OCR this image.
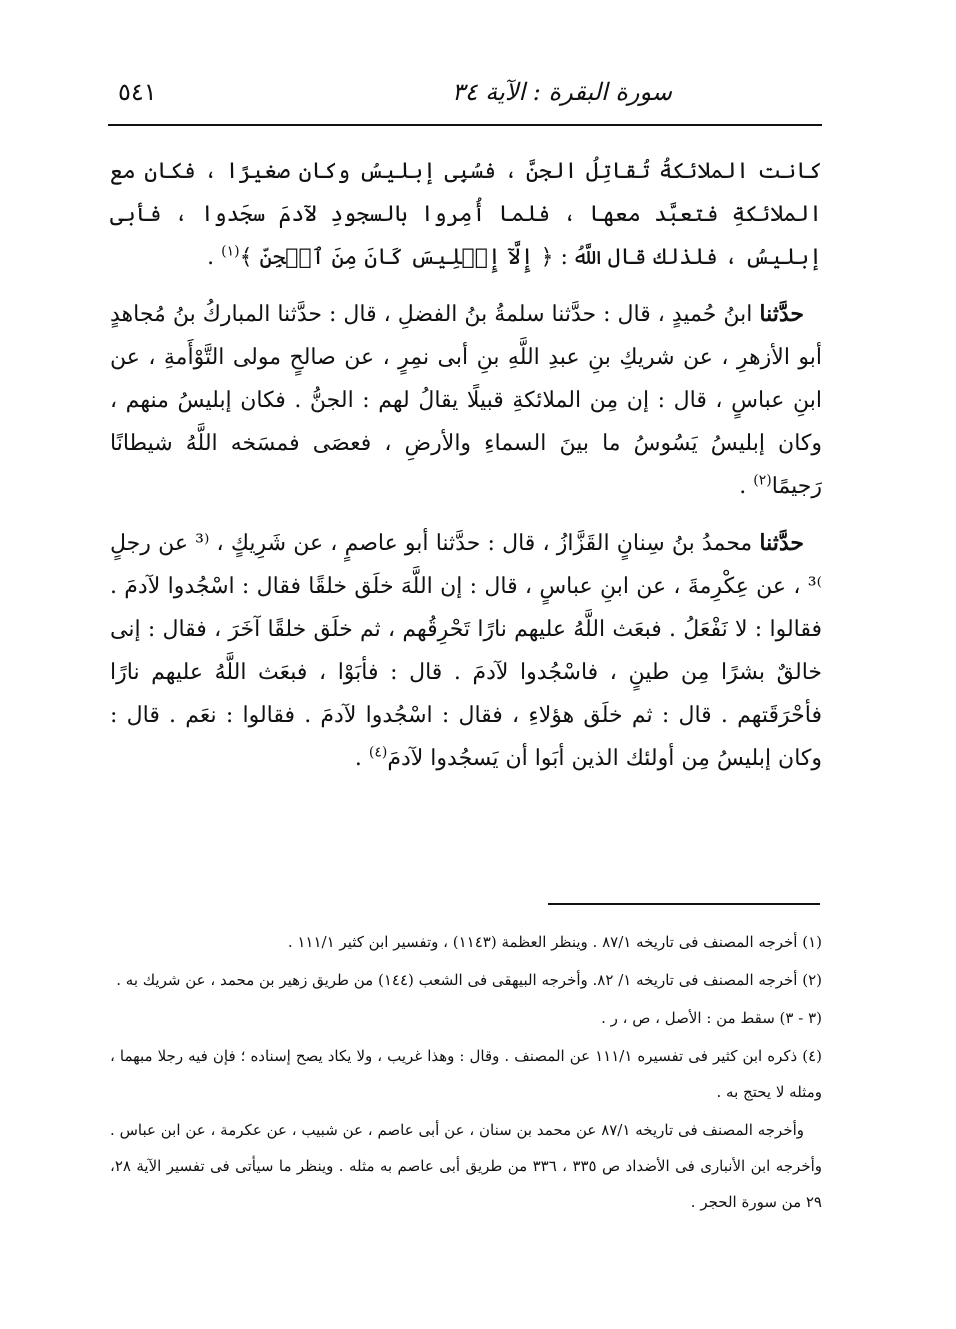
سورة البقرة : الآية ٣٤
٥٤١

كانت الملائكةُ تُقاتِلُ الجنَّ ، فسُبِى إبليسُ وكان صغيرًا ، فكان مع الملائكةِ فتعبَّد معها ، فلما أُمِروا بالسجودِ لآدمَ سجَدوا ، فأبى إبليسُ ، فلذلك قال اللَّهُ : ﴿ إِلَّآ إِبۡلِيسَ كَانَ مِنَ ٱلۡجِنِّ ﴾$^{(١)}$ .

حدَّثنا ابنُ حُميدٍ ، قال : حدَّثنا سلمةُ بنُ الفضلِ ، قال : حدَّثنا المباركُ بنُ مُجاهدٍ أبو الأزهرِ ، عن شريكِ بنِ عبدِ اللَّهِ بنِ أبى نمِرٍ ، عن صالحٍ مولى التَّوْأَمةِ ، عن ابنِ عباسٍ ، قال : إن مِن الملائكةِ قبيلًا يقالُ لهم : الجنُّ . فكان إبليسُ منهم ، وكان إبليسُ يَسُوسُ ما بينَ السماءِ والأرضِ ، فعصَى فمسَخه اللَّهُ شيطانًا رَجيمًا$^{(٢)}$ .

حدَّثنا محمدُ بنُ سِنانٍ القَزَّازُ ، قال : حدَّثنا أبو عاصمٍ ، عن شَرِيكٍ ، ⁽³ عن رجلٍ ⁾³ ، عن عِكْرِمةَ ، عن ابنِ عباسٍ ، قال : إن اللَّهَ خلَق خلقًا فقال : اسْجُدوا لآدمَ . فقالوا : لا نَفْعَلُ . فبعَث اللَّهُ عليهم نارًا تَحْرِقُهم ، ثم خلَق خلقًا آخَرَ ، فقال : إنى خالقٌ بشرًا مِن طينٍ ، فاسْجُدوا لآدمَ . قال : فأبَوْا ، فبعَث اللَّهُ عليهم نارًا فأحْرَقَتهم . قال : ثم خلَق هؤلاءِ ، فقال : اسْجُدوا لآدمَ . فقالوا : نعَم . قال : وكان إبليسُ مِن أولئك الذين أبَوا أن يَسجُدوا لآدمَ$^{(٤)}$ .

(١) أخرجه المصنف فى تاريخه ٨٧/١ . وينظر العظمة (١١٤٣) ، وتفسير ابن كثير ١١١/١ .

(٢) أخرجه المصنف فى تاريخه ١/ ٨٢. وأخرجه البيهقى فى الشعب (١٤٤) من طريق زهير بن محمد ، عن شريك به .

(٣ - ٣) سقط من : الأصل ، ص ، ر .

(٤) ذكره ابن كثير فى تفسيره ١١١/١ عن المصنف . وقال : وهذا غريب ، ولا يكاد يصح إسناده ؛ فإن فيه رجلا مبهما ، ومثله لا يحتج به .

وأخرجه المصنف فى تاريخه ٨٧/١ عن محمد بن سنان ، عن أبى عاصم ، عن شبيب ، عن عكرمة ، عن ابن عباس . وأخرجه ابن الأنبارى فى الأضداد ص ٣٣٥ ، ٣٣٦ من طريق أبى عاصم به مثله . وينظر ما سيأتى فى تفسير الآية ٢٨، ٢٩ من سورة الحجر .
